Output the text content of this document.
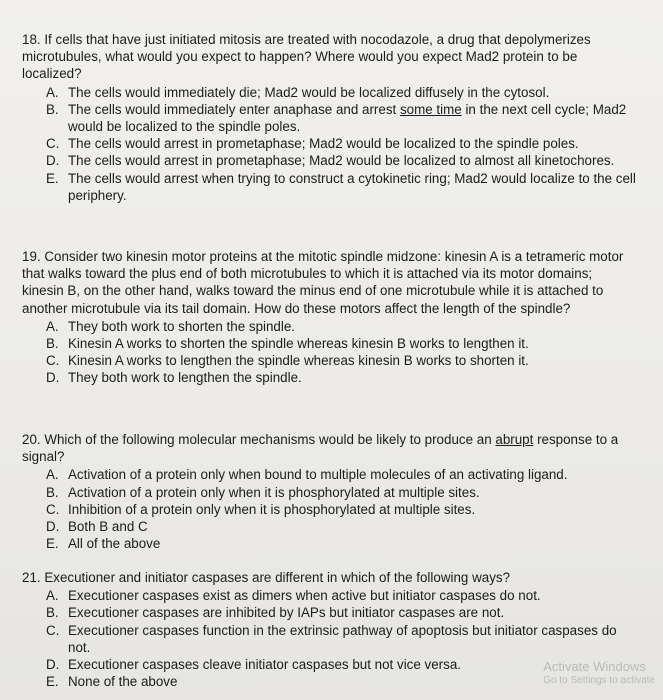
18. If cells that have just initiated mitosis are treated with nocodazole, a drug that depolymerizes microtubules, what would you expect to happen? Where would you expect Mad2 protein to be localized?

A. The cells would immediately die; Mad2 would be localized diffusely in the cytosol.
B. The cells would immediately enter anaphase and arrest some time in the next cell cycle; Mad2 would be localized to the spindle poles.
C. The cells would arrest in prometaphase; Mad2 would be localized to the spindle poles.
D. The cells would arrest in prometaphase; Mad2 would be localized to almost all kinetochores.
E. The cells would arrest when trying to construct a cytokinetic ring; Mad2 would localize to the cell periphery.

19. Consider two kinesin motor proteins at the mitotic spindle midzone: kinesin A is a tetrameric motor that walks toward the plus end of both microtubules to which it is attached via its motor domains; kinesin B, on the other hand, walks toward the minus end of one microtubule while it is attached to another microtubule via its tail domain. How do these motors affect the length of the spindle?

A. They both work to shorten the spindle.
B. Kinesin A works to shorten the spindle whereas kinesin B works to lengthen it.
C. Kinesin A works to lengthen the spindle whereas kinesin B works to shorten it.
D. They both work to lengthen the spindle.

20. Which of the following molecular mechanisms would be likely to produce an abrupt response to a signal?

A. Activation of a protein only when bound to multiple molecules of an activating ligand.
B. Activation of a protein only when it is phosphorylated at multiple sites.
C. Inhibition of a protein only when it is phosphorylated at multiple sites.
D. Both B and C
E. All of the above

21. Executioner and initiator caspases are different in which of the following ways?

A. Executioner caspases exist as dimers when active but initiator caspases do not.
B. Executioner caspases are inhibited by IAPs but initiator caspases are not.
C. Executioner caspases function in the extrinsic pathway of apoptosis but initiator caspases do not.
D. Executioner caspases cleave initiator caspases but not vice versa.
E. None of the above
Activate Windows
Go to Settings to activate
